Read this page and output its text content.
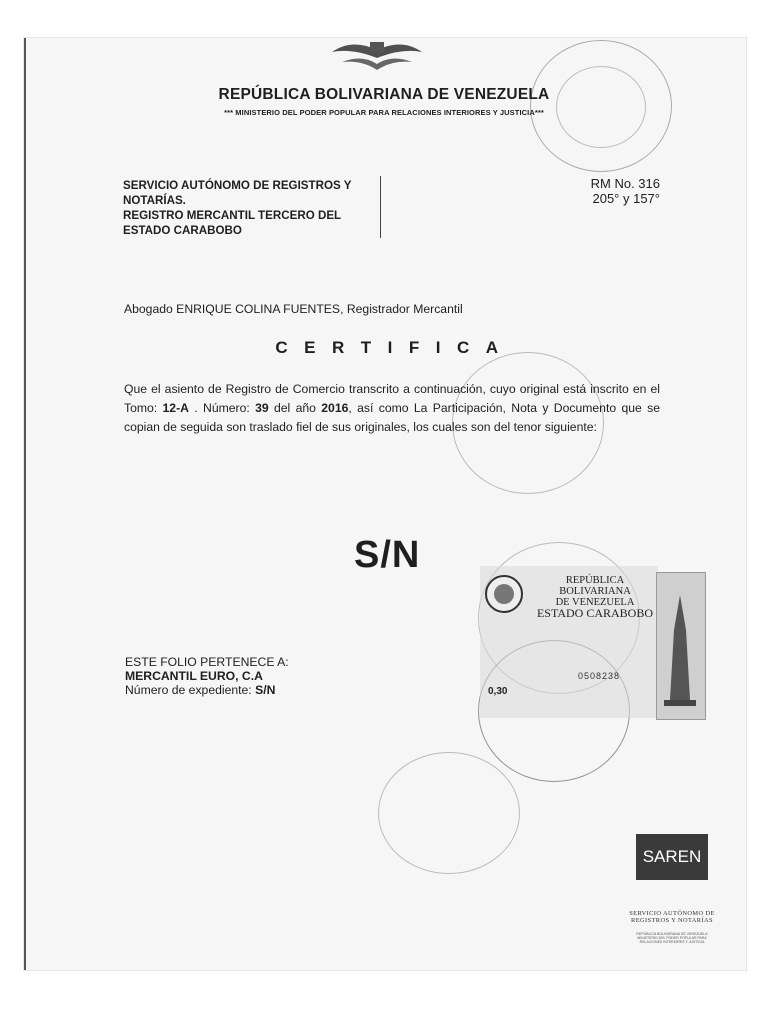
REPÚBLICA BOLIVARIANA DE VENEZUELA
*** MINISTERIO DEL PODER POPULAR PARA RELACIONES INTERIORES Y JUSTICIA***
SERVICIO AUTÓNOMO DE REGISTROS Y
NOTARÍAS.
REGISTRO MERCANTIL TERCERO DEL
ESTADO CARABOBO
RM No. 316
205° y 157°
Abogado ENRIQUE COLINA FUENTES, Registrador Mercantil
CERTIFICA
Que el asiento de Registro de Comercio transcrito a continuación, cuyo original está inscrito en el Tomo: 12-A . Número: 39 del año 2016, así como La Participación, Nota y Documento que se copian de seguida son traslado fiel de sus originales, los cuales son del tenor siguiente:
S/N
REPÚBLICA BOLIVARIANA
DE VENEZUELA
ESTADO CARABOBO
0508238
0,30
ESTE FOLIO PERTENECE A:
MERCANTIL EURO, C.A
Número de expediente: S/N
SAREN
SERVICIO AUTÓNOMO DE REGISTROS Y NOTARÍAS
REPÚBLICA BOLIVARIANA DE VENEZUELA MINISTERIO DEL PODER POPULAR PARA RELACIONES INTERIORES Y JUSTICIA
